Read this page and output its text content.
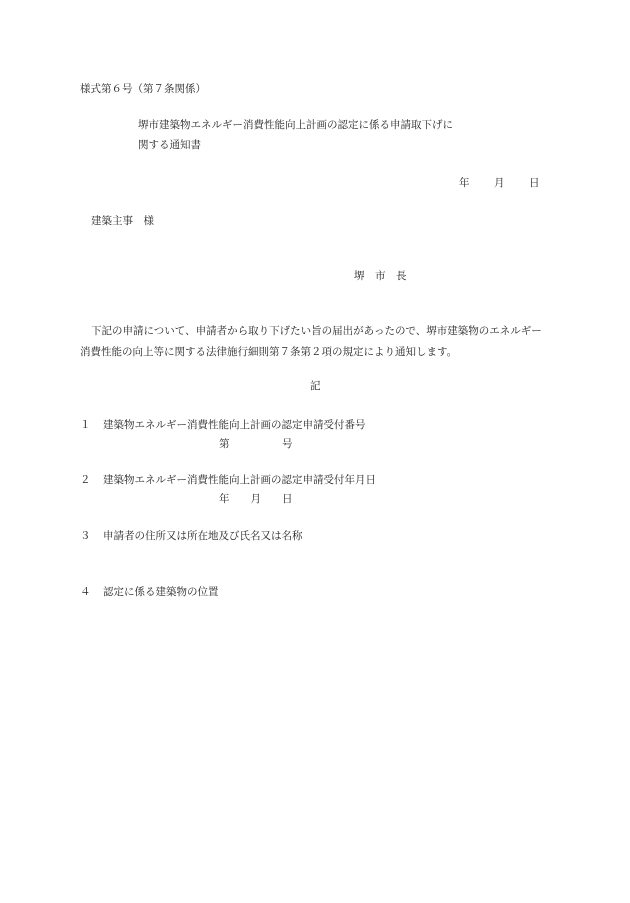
様式第６号（第７条関係）
堺市建築物エネルギー消費性能向上計画の認定に係る申請取下げに
関する通知書
年 月 日
建築主事　様
堺　市　長
下記の申請について、申請者から取り下げたい旨の届出があったので、堺市建築物のエネルギー消費性能の向上等に関する法律施行細則第７条第２項の規定により通知します。
記
１ 建築物エネルギー消費性能向上計画の認定申請受付番号
第　　　　　号
２ 建築物エネルギー消費性能向上計画の認定申請受付年月日
年　　月　　日
３ 申請者の住所又は所在地及び氏名又は名称
４ 認定に係る建築物の位置
